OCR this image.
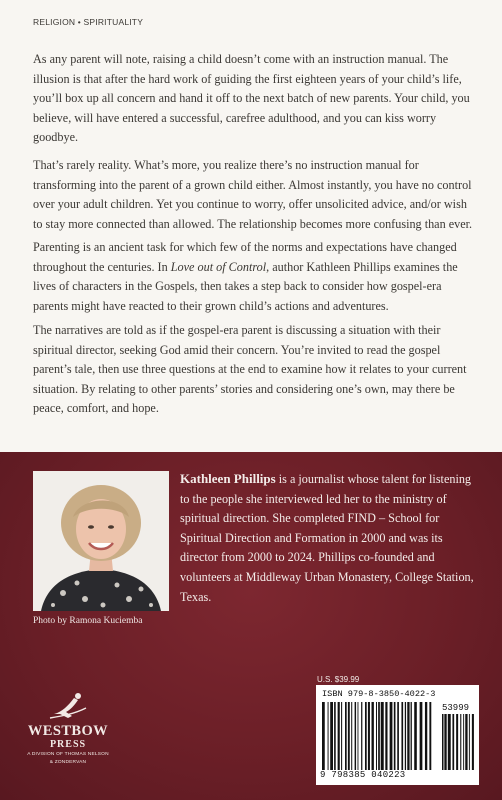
RELIGION • SPIRITUALITY

As any parent will note, raising a child doesn’t come with an instruction manual. The illusion is that after the hard work of guiding the first eighteen years of your child’s life, you’ll box up all concern and hand it off to the next batch of new parents. Your child, you believe, will have entered a successful, carefree adulthood, and you can kiss worry goodbye.

That’s rarely reality. What’s more, you realize there’s no instruction manual for transforming into the parent of a grown child either. Almost instantly, you have no control over your adult children. Yet you continue to worry, offer unsolicited advice, and/or wish to stay more connected than allowed. The relationship becomes more confusing than ever.

Parenting is an ancient task for which few of the norms and expectations have changed throughout the centuries. In Love out of Control, author Kathleen Phillips examines the lives of characters in the Gospels, then takes a step back to consider how gospel-era parents might have reacted to their grown child’s actions and adventures.

The narratives are told as if the gospel-era parent is discussing a situation with their spiritual director, seeking God amid their concern. You’re invited to read the gospel parent’s tale, then use three questions at the end to examine how it relates to your current situation. By relating to other parents’ stories and considering one’s own, may there be peace, comfort, and hope.

Photo by Ramona Kuciemba

Kathleen Phillips is a journalist whose talent for listening to the people she interviewed led her to the ministry of spiritual direction. She completed FIND – School for Spiritual Direction and Formation in 2000 and was its director from 2000 to 2024. Phillips co-founded and volunteers at Middleway Urban Monastery, College Station, Texas.

WESTBOW
PRESS
A DIVISION OF THOMAS NELSON
& ZONDERVAN
U.S. $39.99
ISBN 979-8-3850-4022-3
53999
9 798385 040223
